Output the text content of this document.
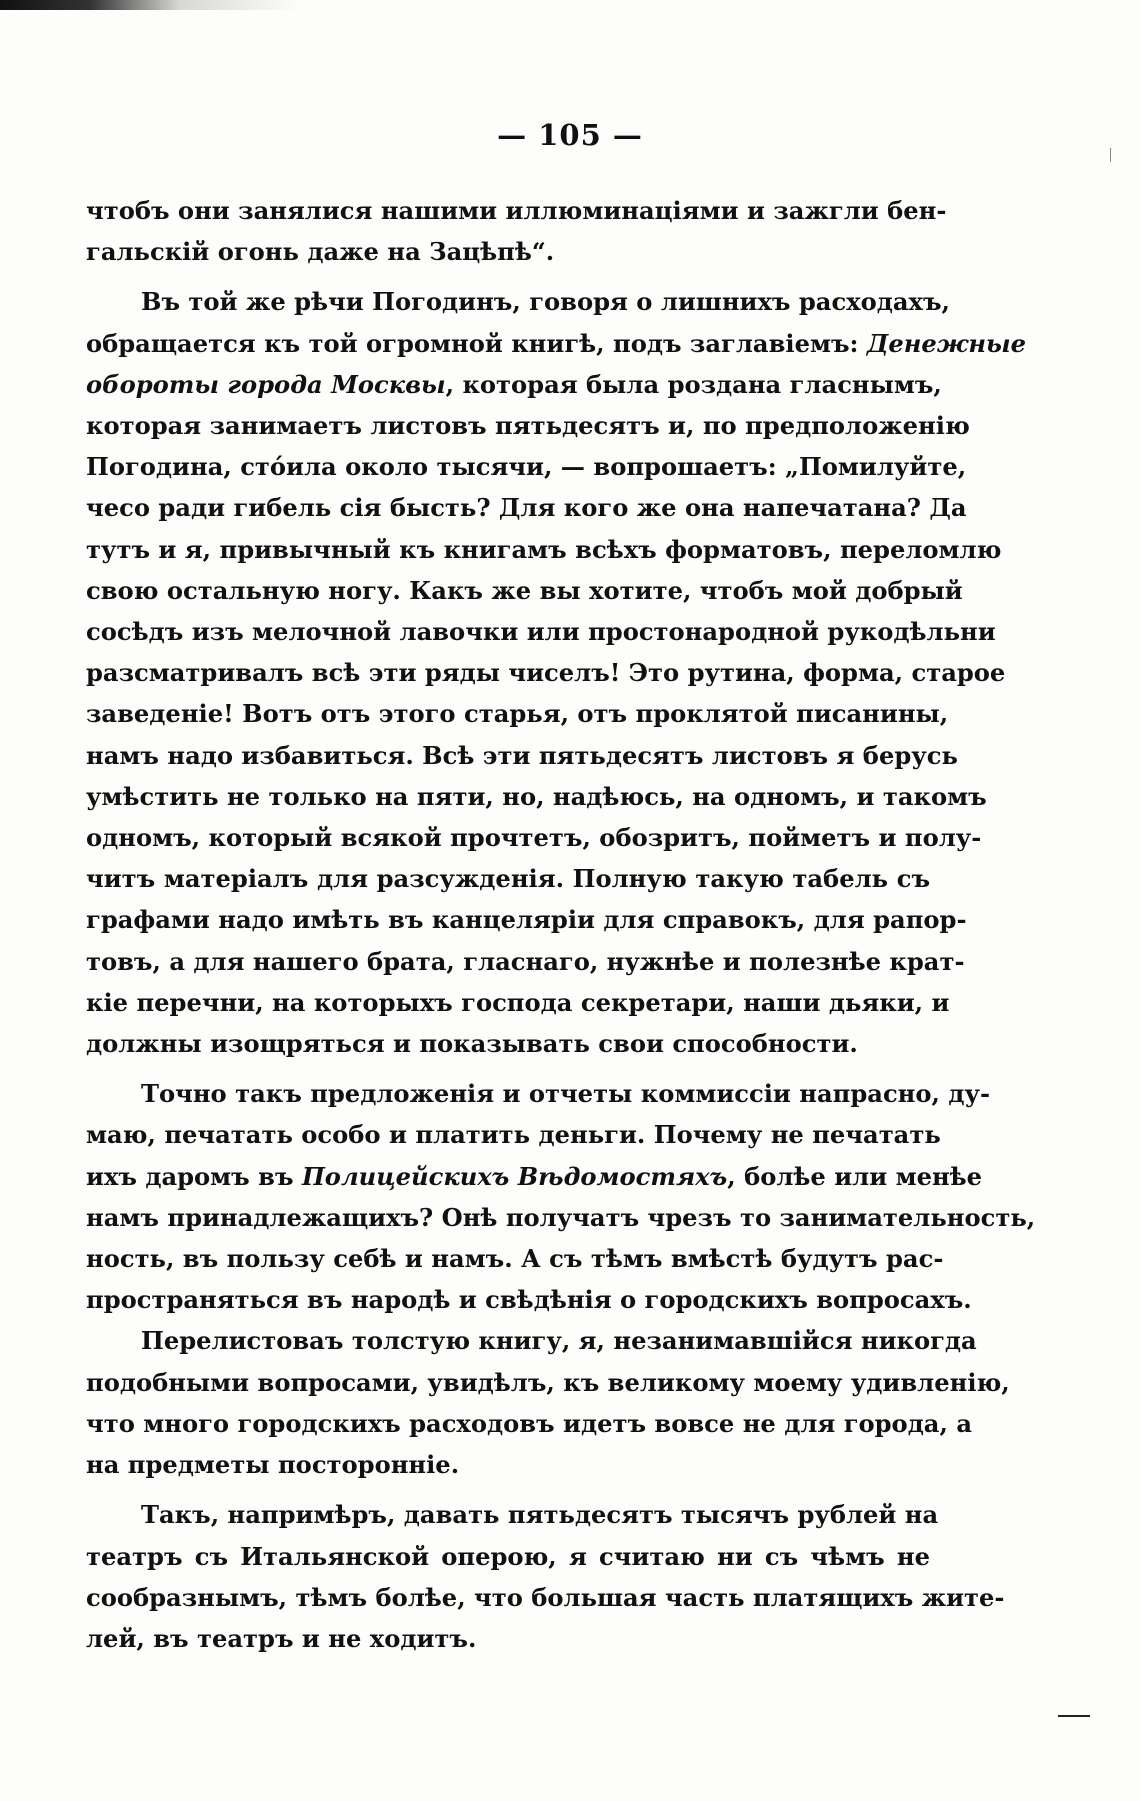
— 105 —
чтобъ они занялися нашими иллюминаціями и зажгли бен-
гальскій огонь даже на Зацѣпѣ“.
Въ той же рѣчи Погодинъ, говоря о лишнихъ расходахъ,
обращается къ той огромной книгѣ, подъ заглавіемъ: Денежные
обороты города Москвы, которая была роздана гласнымъ,
которая занимаетъ листовъ пятьдесятъ и, по предположенію
Погодина, стóила около тысячи, — вопрошаетъ: „Помилуйте,
чесо ради гибель сія бысть? Для кого же она напечатана? Да
тутъ и я, привычный къ книгамъ всѣхъ форматовъ, переломлю
свою остальную ногу. Какъ же вы хотите, чтобъ мой добрый
сосѣдъ изъ мелочной лавочки или простонародной рукодѣльни
разсматривалъ всѣ эти ряды чиселъ! Это рутина, форма, старое
заведеніе! Вотъ отъ этого старья, отъ проклятой писанины,
намъ надо избавиться. Всѣ эти пятьдесятъ листовъ я берусь
умѣстить не только на пяти, но, надѣюсь, на одномъ, и такомъ
одномъ, который всякой прочтетъ, обозритъ, пойметъ и полу-
читъ матеріалъ для разсужденія. Полную такую табель съ
графами надо имѣть въ канцеляріи для справокъ, для рапор-
товъ, а для нашего брата, гласнаго, нужнѣе и полезнѣе крат-
кіе перечни, на которыхъ господа секретари, наши дьяки, и
должны изощряться и показывать свои способности.
Точно такъ предложенія и отчеты коммиссіи напрасно, ду-
маю, печатать особо и платить деньги. Почему не печатать
ихъ даромъ въ Полицейскихъ Вѣдомостяхъ, болѣе или менѣе
намъ принадлежащихъ? Онѣ получатъ чрезъ то занимательность,
ность, въ пользу себѣ и намъ. А съ тѣмъ вмѣстѣ будутъ рас-
пространяться въ народѣ и свѣдѣнія о городскихъ вопросахъ.
Перелистоваъ толстую книгу, я, незанимавшійся никогда
подобными вопросами, увидѣлъ, къ великому моему удивленію,
что много городскихъ расходовъ идетъ вовсе не для города, а
на предметы посторонніе.
Такъ, напримѣръ, давать пятьдесятъ тысячъ рублей на
театръ съ Итальянской оперою, я считаю ни съ чѣмъ не
сообразнымъ, тѣмъ болѣе, что большая часть платящихъ жите-
лей, въ театръ и не ходитъ.
